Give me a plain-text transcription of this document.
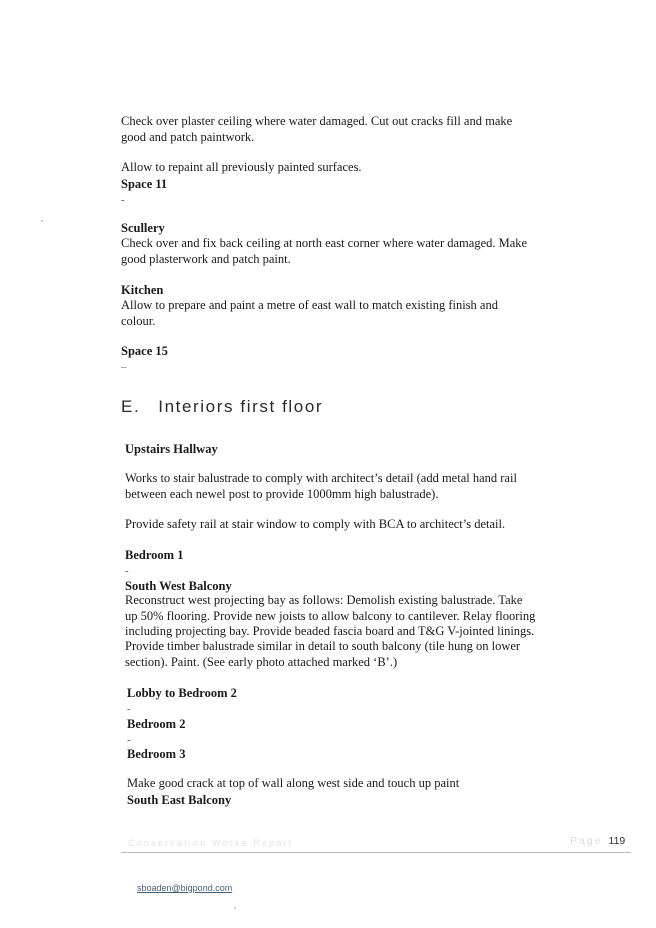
Check over plaster ceiling where water damaged. Cut out cracks fill and make
good and patch paintwork.
Allow to repaint all previously painted surfaces.
Space 11
-
Scullery
Check over and fix back ceiling at north east corner where water damaged. Make
good plasterwork and patch paint.
Kitchen
Allow to prepare and paint a metre of east wall to match existing finish and
colour.
Space 15
–
E. Interiors first floor
Upstairs Hallway
Works to stair balustrade to comply with architect’s detail (add metal hand rail
between each newel post to provide 1000mm high balustrade).
Provide safety rail at stair window to comply with BCA to architect’s detail.
Bedroom 1
-
South West Balcony
Reconstruct west projecting bay as follows: Demolish existing balustrade. Take
up 50% flooring. Provide new joists to allow balcony to cantilever. Relay flooring
including projecting bay. Provide beaded fascia board and T&G V-jointed linings.
Provide timber balustrade similar in detail to south balcony (tile hung on lower
section). Paint. (See early photo attached marked ‘B’.)
Lobby to Bedroom 2
-
Bedroom 2
-
Bedroom 3
Make good crack at top of wall along west side and touch up paint
South East Balcony
Conservation Works Report	Page 119
sboaden@bigpond.com
